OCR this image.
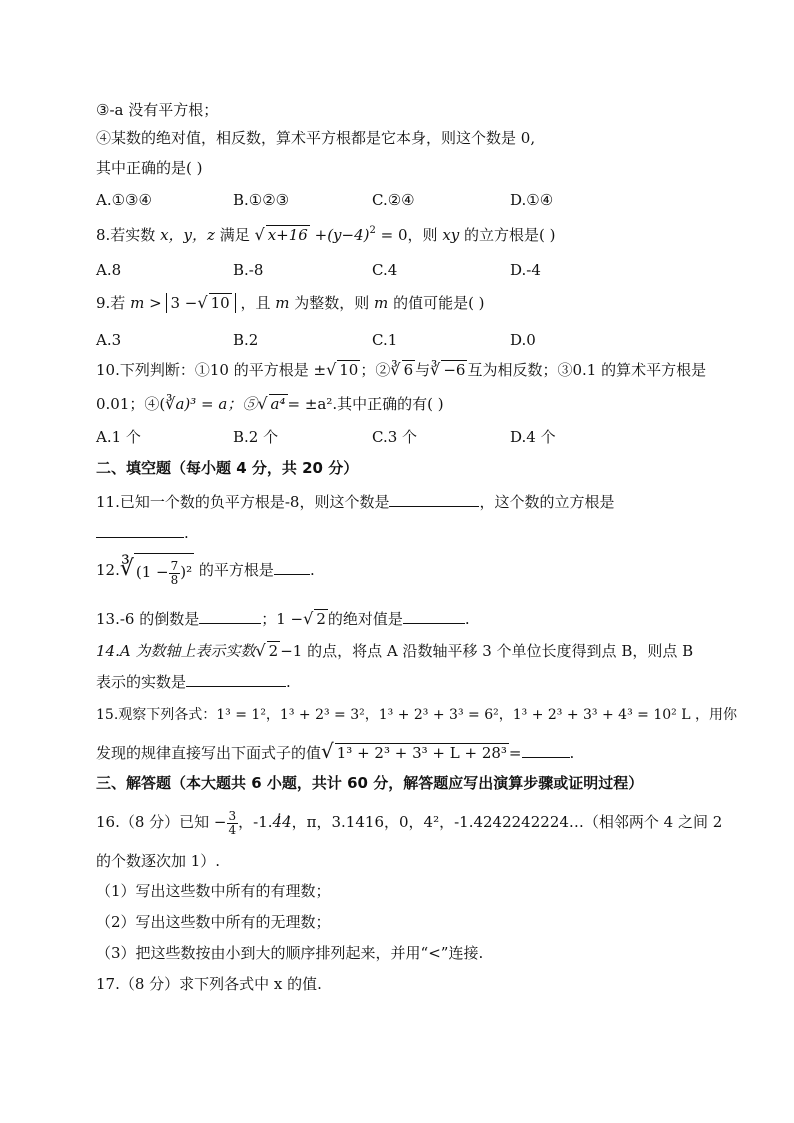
③-a 没有平方根；
④某数的绝对值，相反数，算术平方根都是它本身，则这个数是 0,
其中正确的是( )
A.①③④	B.①②③	C.②④	D.①④
8.若实数 x，y，z 满足 √ $x+16 +(y-4)^2 = 0$，则 xy 的立方根是( )
A.8	B.-8	C.4	D.-4
9.若 m > 3 −√ 10 ，且 m 为整数，则 m 的值可能是( )
A.3	B.2	C.1	D.0
10.下列判断：①10 的平方根是 ±√ 10 ；②∛ 6 与∛ −6 互为相反数；③0.1 的算术平方根是
0.01；④(∛a)³ = a；⑤√ a⁴ = ±a².其中正确的有( )
A.1 个	B.2 个	C.3 个	D.4 个
二、填空题（每小题 4 分，共 20 分）
11.已知一个数的负平方根是-8，则这个数是	，这个数的立方根是
.
12.∛ $(1 - \frac{7}{8} )^2$ 的平方根是 .
13.-6 的倒数是	；1 −√ 2 的绝对值是	.
14.A 为数轴上表示实数√ 2 −1 的点，将点 A 沿数轴平移 3 个单位长度得到点 B，则点 B
表示的实数是	.
15.观察下列各式：1³ = 1²，1³ + 2³ = 3²，1³ + 2³ + 3³ = 6²，1³ + 2³ + 3³ + 4³ = 10² L ，用你
发现的规律直接写出下面式子的值√ 1³ + 2³ + 3³ + L + 28³ =	.
三、解答题（本大题共 6 小题，共计 60 分，解答题应写出演算步骤或证明过程）
16.（8 分）已知 − $\frac{3}{4}$ ，-1.4̇̇4̇，π，3.1416，0，4²，-1.4242242224…（相邻两个 4 之间 2
的个数逐次加 1）.
（1）写出这些数中所有的有理数；
（2）写出这些数中所有的无理数；
（3）把这些数按由小到大的顺序排列起来，并用“<”连接.
17.（8 分）求下列各式中 x 的值.
